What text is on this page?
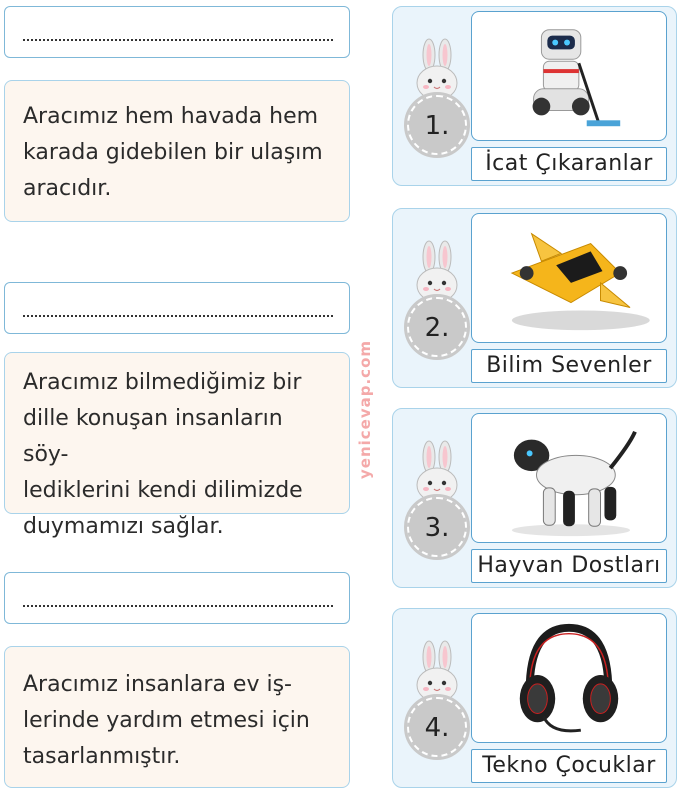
Aracımız hem havada hem
karada gidebilen bir ulaşım
aracıdır.
Aracımız bilmediğimiz bir
dille konuşan insanların söy-
lediklerini kendi dilimizde
duymamızı sağlar.
Aracımız insanlara ev iş-
lerinde yardım etmesi için
tasarlanmıştır.
yenicevap.com
1.
İcat Çıkaranlar
2.
Bilim Sevenler
3.
Hayvan Dostları
4.
Tekno Çocuklar
